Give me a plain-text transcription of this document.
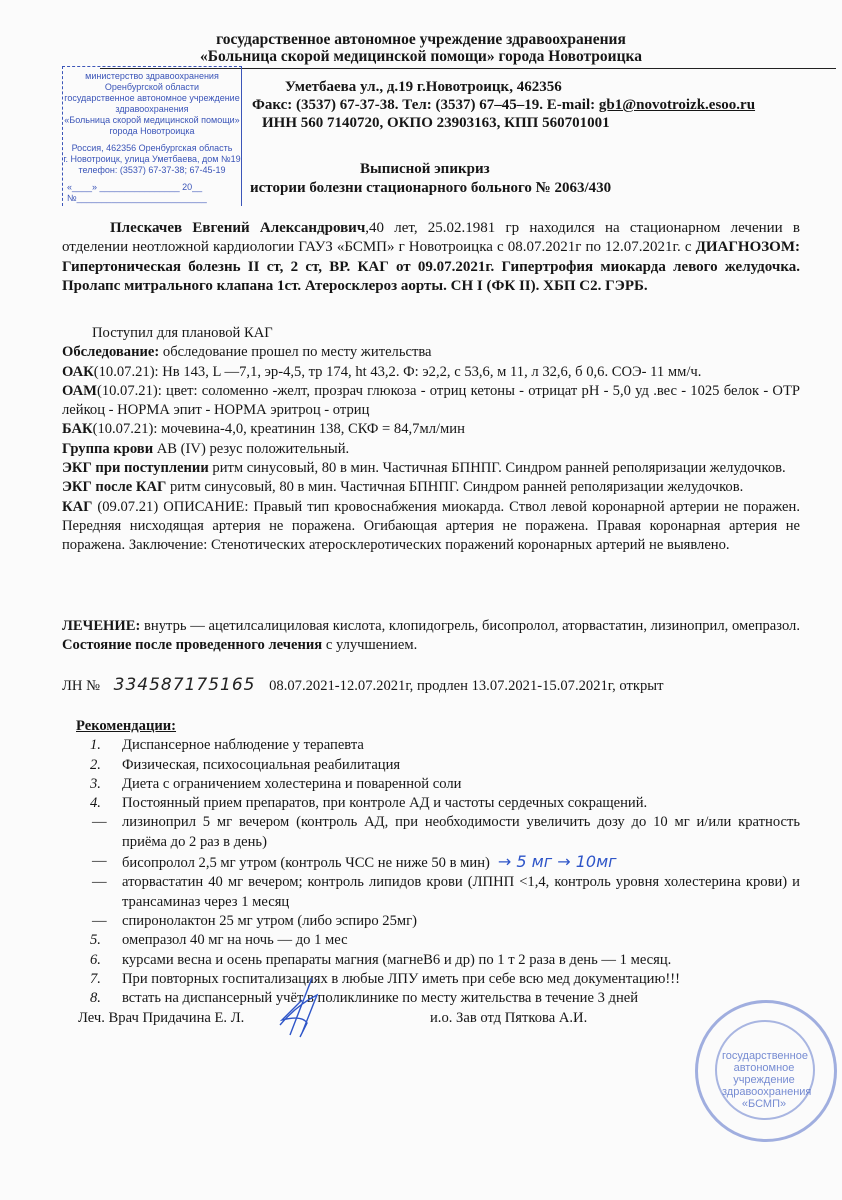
государственное автономное учреждение здравоохранения
«Больница скорой медицинской помощи» города Новотроицка
министерство здравоохранения
Оренбургской области
государственное автономное учреждение
здравоохранения
«Больница скорой медицинской помощи»
города Новотроицка
Россия, 462356 Оренбургская область
г. Новотроицк, улица Уметбаева, дом №19
телефон: (3537) 67-37-38; 67-45-19
«____» ________________ 20__
№__________________________
Уметбаева ул., д.19 г.Новотроицк, 462356
Факс: (3537) 67-37-38. Тел: (3537) 67–45–19. E-mail: gb1@novotroizk.esoo.ru
ИНН 560 7140720, ОКПО 23903163, КПП 560701001
Выписной эпикриз
истории болезни стационарного больного № 2063/430
Плескачев Евгений Александрович,40 лет, 25.02.1981 гр находился на стационарном лечении в отделении неотложной кардиологии ГАУЗ «БСМП» г Новотроицка с 08.07.2021г по 12.07.2021г. с ДИАГНОЗОМ: Гипертоническая болезнь II ст, 2 ст, ВР. КАГ от 09.07.2021г. Гипертрофия миокарда левого желудочка. Пролапс митрального клапана 1ст. Атеросклероз аорты. СН I (ФК II). ХБП С2. ГЭРБ.
Поступил для плановой КАГ
Обследование: обследование прошел по месту жительства
ОАК(10.07.21): Нв 143, L —7,1, эр-4,5, тр 174, ht 43,2. Ф: э2,2, с 53,6, м 11, л 32,6, б 0,6. СОЭ- 11 мм/ч.
ОАМ(10.07.21): цвет: соломенно -желт, прозрач глюкоза - отриц кетоны - отрицат pH - 5,0 уд .вес - 1025 белок - ОТР лейкоц - НОРМА эпит - НОРМА эритроц - отриц
БАК(10.07.21): мочевина-4,0, креатинин 138, СКФ = 84,7мл/мин
Группа крови АВ (IV) резус положительный.
ЭКГ при поступлении ритм синусовый, 80 в мин. Частичная БПНПГ. Синдром ранней реполяризации желудочков.
ЭКГ после КАГ ритм синусовый, 80 в мин. Частичная БПНПГ. Синдром ранней реполяризации желудочков.
КАГ (09.07.21) ОПИСАНИЕ: Правый тип кровоснабжения миокарда. Ствол левой коронарной артерии не поражен. Передняя нисходящая артерия не поражена. Огибающая артерия не поражена. Правая коронарная артерия не поражена. Заключение: Стенотических атеросклеротических поражений коронарных артерий не выявлено.
ЛЕЧЕНИЕ: внутрь — ацетилсалициловая кислота, клопидогрель, бисопролол, аторвастатин, лизиноприл, омепразол. Состояние после проведенного лечения с улучшением.
ЛН № 334587175165 08.07.2021-12.07.2021г, продлен 13.07.2021-15.07.2021г, открыт
Рекомендации:
1. Диспансерное наблюдение у терапевта
2. Физическая, психосоциальная реабилитация
3. Диета с ограничением холестерина и поваренной соли
4. Постоянный прием препаратов, при контроле АД и частоты сердечных сокращений.
— лизиноприл 5 мг вечером (контроль АД, при необходимости увеличить дозу до 10 мг и/или кратность приёма до 2 раз в день)
— бисопролол 2,5 мг утром (контроль ЧСС не ниже 50 в мин) → 5 мг → 10мг
— аторвастатин 40 мг вечером; контроль липидов крови (ЛПНП <1,4, контроль уровня холестерина крови) и трансаминаз через 1 месяц
— спиронолактон 25 мг утром (либо эспиро 25мг)
5. омепразол 40 мг на ночь — до 1 мес
6. курсами весна и осень препараты магния (магнеВ6 и др) по 1 т 2 раза в день — 1 месяц.
7. При повторных госпитализациях в любые ЛПУ иметь при себе всю мед документацию!!!
8. встать на диспансерный учёт в поликлинике по месту жительства в течение 3 дней
Леч. Врач Придачина Е. Л.	и.о. Зав отд Пяткова А.И.
государственное автономное учреждение здравоохранения «БСМП»
